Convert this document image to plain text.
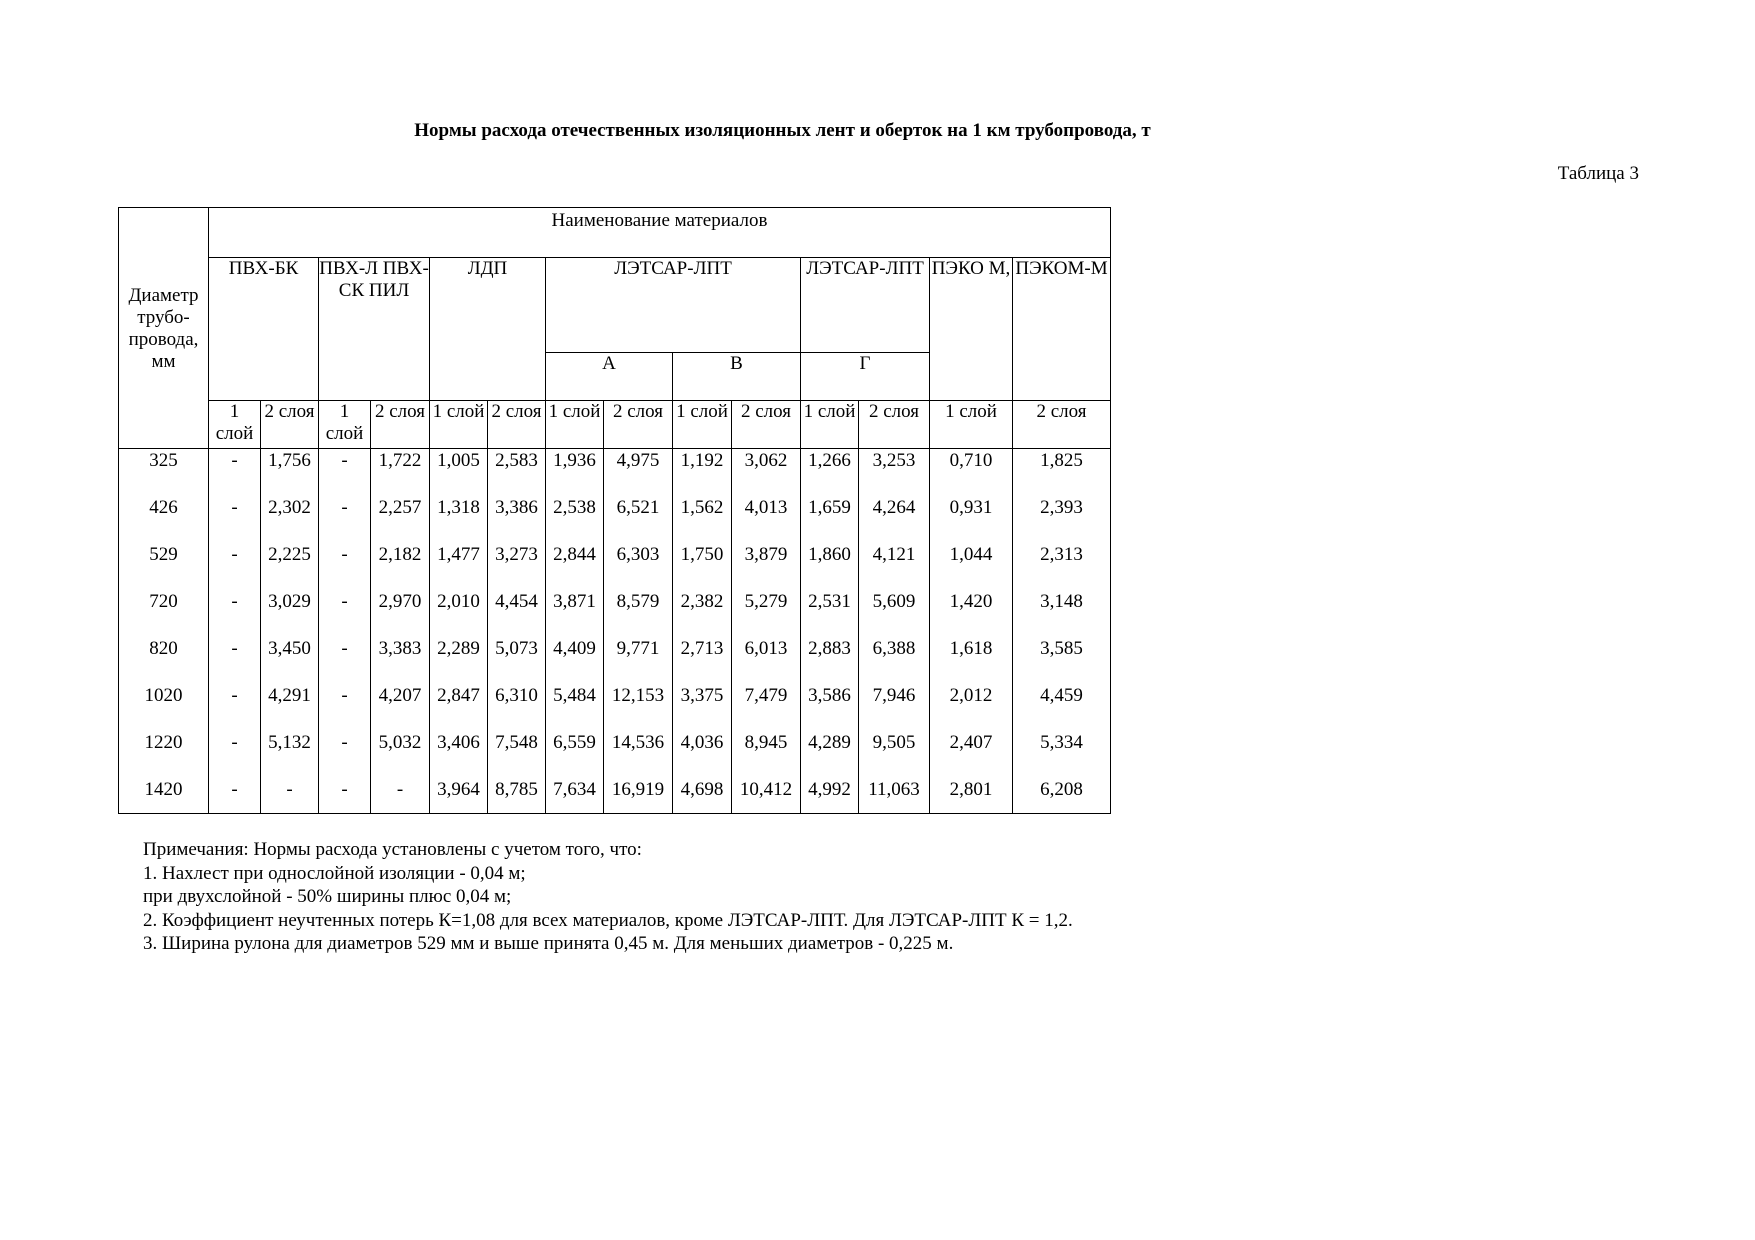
Нормы расхода отечественных изоляционных лент и оберток на 1 км трубопровода, т
Таблица 3
Диаметр трубо-провода, мм	Наименование материалов													
	ПВХ-БК		ПВХ-Л ПВХ-СК ПИЛ		ЛДП		ЛЭТСАР-ЛПТ				ЛЭТСАР-ЛПТ		ПЭКО М,	ПЭКОМ-М
							А		В		Г			
	1 слой	2 слоя	1 слой	2 слоя	1 слой	2 слоя	1 слой	2 слоя	1 слой	2 слоя	1 слой	2 слоя	1 слой	2 слоя
325	-	1,756	-	1,722	1,005	2,583	1,936	4,975	1,192	3,062	1,266	3,253	0,710	1,825
426	-	2,302	-	2,257	1,318	3,386	2,538	6,521	1,562	4,013	1,659	4,264	0,931	2,393
529	-	2,225	-	2,182	1,477	3,273	2,844	6,303	1,750	3,879	1,860	4,121	1,044	2,313
720	-	3,029	-	2,970	2,010	4,454	3,871	8,579	2,382	5,279	2,531	5,609	1,420	3,148
820	-	3,450	-	3,383	2,289	5,073	4,409	9,771	2,713	6,013	2,883	6,388	1,618	3,585
1020	-	4,291	-	4,207	2,847	6,310	5,484	12,153	3,375	7,479	3,586	7,946	2,012	4,459
1220	-	5,132	-	5,032	3,406	7,548	6,559	14,536	4,036	8,945	4,289	9,505	2,407	5,334
1420	-	-	-	-	3,964	8,785	7,634	16,919	4,698	10,412	4,992	11,063	2,801	6,208
Примечания: Нормы расхода установлены с учетом того, что:
1. Нахлест при однослойной изоляции - 0,04 м;
при двухслойной - 50% ширины плюс 0,04 м;
2. Коэффициент неучтенных потерь К=1,08 для всех материалов, кроме ЛЭТСАР-ЛПТ. Для ЛЭТСАР-ЛПТ К = 1,2.
3. Ширина рулона для диаметров 529 мм и выше принята 0,45 м. Для меньших диаметров - 0,225 м.
